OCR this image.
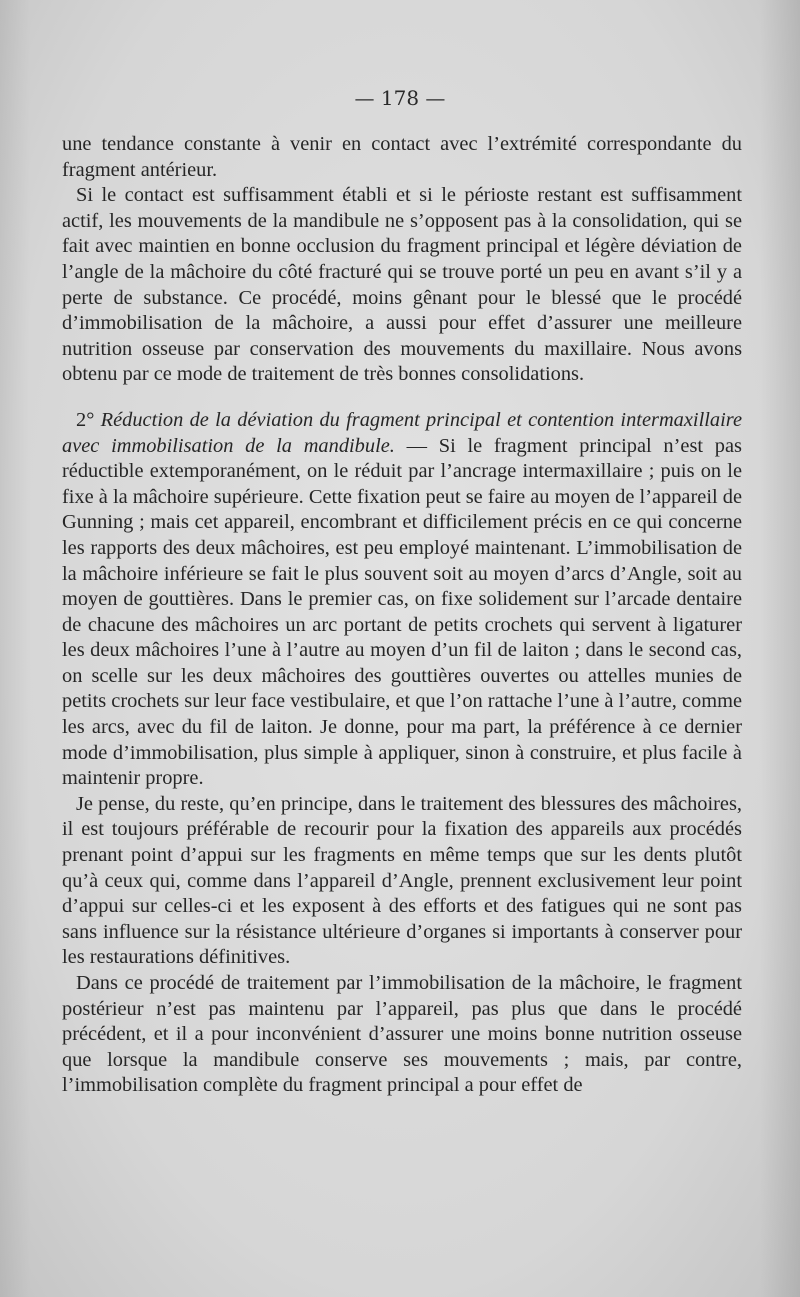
— 178 —

une tendance constante à venir en contact avec l’extrémité correspondante du fragment antérieur.

Si le contact est suffisamment établi et si le périoste restant est suffisamment actif, les mouvements de la mandibule ne s’opposent pas à la consolidation, qui se fait avec maintien en bonne occlusion du fragment principal et légère déviation de l’angle de la mâchoire du côté fracturé qui se trouve porté un peu en avant s’il y a perte de substance. Ce procédé, moins gênant pour le blessé que le procédé d’immobilisation de la mâchoire, a aussi pour effet d’assurer une meilleure nutrition osseuse par conservation des mouvements du maxillaire. Nous avons obtenu par ce mode de traitement de très bonnes consolidations.

2° Réduction de la déviation du fragment principal et contention intermaxillaire avec immobilisation de la mandibule. — Si le fragment principal n’est pas réductible extemporanément, on le réduit par l’ancrage intermaxillaire ; puis on le fixe à la mâchoire supérieure. Cette fixation peut se faire au moyen de l’appareil de Gunning ; mais cet appareil, encombrant et difficilement précis en ce qui concerne les rapports des deux mâchoires, est peu employé maintenant. L’immobilisation de la mâchoire inférieure se fait le plus souvent soit au moyen d’arcs d’Angle, soit au moyen de gouttières. Dans le premier cas, on fixe solidement sur l’arcade dentaire de chacune des mâchoires un arc portant de petits crochets qui servent à ligaturer les deux mâchoires l’une à l’autre au moyen d’un fil de laiton ; dans le second cas, on scelle sur les deux mâchoires des gouttières ouvertes ou attelles munies de petits crochets sur leur face vestibulaire, et que l’on rattache l’une à l’autre, comme les arcs, avec du fil de laiton. Je donne, pour ma part, la préférence à ce dernier mode d’immobilisation, plus simple à appliquer, sinon à construire, et plus facile à maintenir propre.

Je pense, du reste, qu’en principe, dans le traitement des blessures des mâchoires, il est toujours préférable de recourir pour la fixation des appareils aux procédés prenant point d’appui sur les fragments en même temps que sur les dents plutôt qu’à ceux qui, comme dans l’appareil d’Angle, prennent exclusivement leur point d’appui sur celles-ci et les exposent à des efforts et des fatigues qui ne sont pas sans influence sur la résistance ultérieure d’organes si importants à conserver pour les restaurations définitives.

Dans ce procédé de traitement par l’immobilisation de la mâchoire, le fragment postérieur n’est pas maintenu par l’appareil, pas plus que dans le procédé précédent, et il a pour inconvénient d’assurer une moins bonne nutrition osseuse que lorsque la mandibule conserve ses mouvements ; mais, par contre, l’immobilisation complète du fragment principal a pour effet de
